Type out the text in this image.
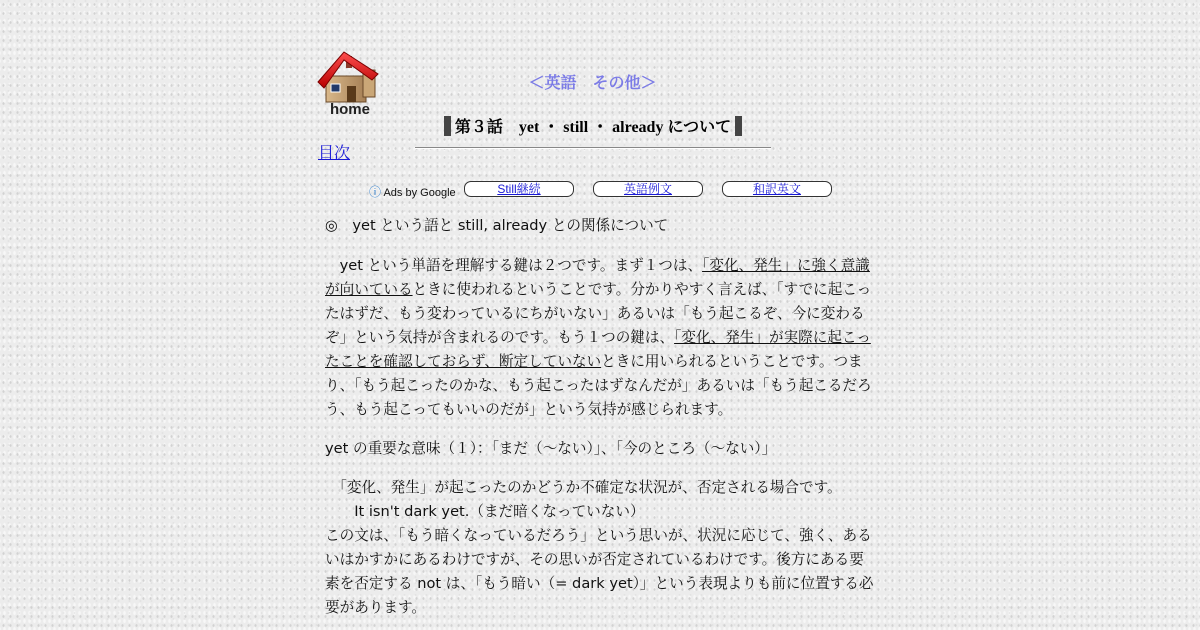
home
＜英語　その他＞
第３話　yet ・ still ・ already について
目次
ⓘ Ads by Google	Still継続	英語例文	和訳英文

◎　yet という語と still, already との関係について

　yet という単語を理解する鍵は２つです。まず１つは、「変化、発生」に強く意識が向いているときに使われるということです。分かりやすく言えば、「すでに起こったはずだ、もう変わっているにちがいない」あるいは「もう起こるぞ、今に変わるぞ」という気持が含まれるのです。もう１つの鍵は、「変化、発生」が実際に起こったことを確認しておらず、断定していないときに用いられるということです。つまり、「もう起こったのかな、もう起こったはずなんだが」あるいは「もう起こるだろう、もう起こってもいいのだが」という気持が感じられます。

yet の重要な意味（１）：「まだ（～ない）」、「今のところ（～ない）」

　「変化、発生」が起こったのかどうか不確定な状況が、否定される場合です。

　　It isn't dark yet.（まだ暗くなっていない）

この文は、「もう暗くなっているだろう」という思いが、状況に応じて、強く、あるいはかすかにあるわけですが、その思いが否定されているわけです。後方にある要素を否定する not は、「もう暗い（= dark yet）」という表現よりも前に位置する必要があります。
